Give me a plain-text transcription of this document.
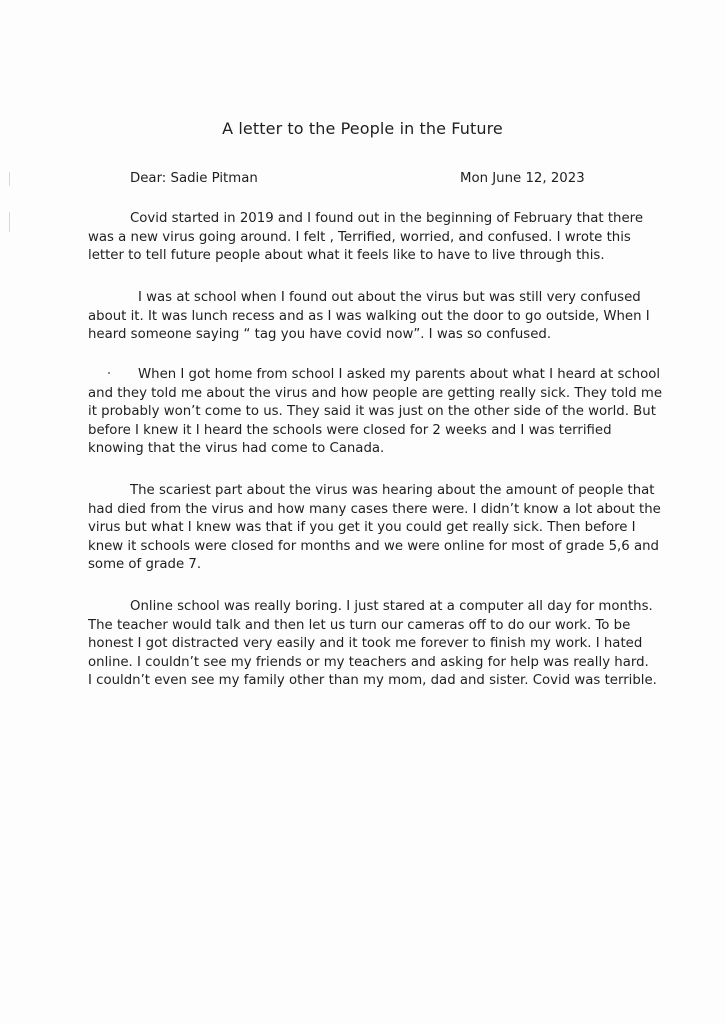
A letter to the People in the Future
Dear: Sadie Pitman	Mon June 12, 2023

Covid started in 2019 and I found out in the beginning of February that there
was a new virus going around. I felt , Terrified, worried, and confused. I wrote this
letter to tell future people about what it feels like to have to live through this.

I was at school when I found out about the virus but was still very confused
about it. It was lunch recess and as I was walking out the door to go outside, When I
heard someone saying “ tag you have covid now”. I was so confused.

When I got home from school I asked my parents about what I heard at school
and they told me about the virus and how people are getting really sick. They told me
it probably won’t come to us. They said it was just on the other side of the world. But
before I knew it I heard the schools were closed for 2 weeks and I was terrified
knowing that the virus had come to Canada.

The scariest part about the virus was hearing about the amount of people that
had died from the virus and how many cases there were. I didn’t know a lot about the
virus but what I knew was that if you get it you could get really sick. Then before I
knew it schools were closed for months and we were online for most of grade 5,6 and
some of grade 7.

Online school was really boring. I just stared at a computer all day for months.
The teacher would talk and then let us turn our cameras off to do our work. To be
honest I got distracted very easily and it took me forever to finish my work. I hated
online. I couldn’t see my friends or my teachers and asking for help was really hard.
I couldn’t even see my family other than my mom, dad and sister. Covid was terrible.
